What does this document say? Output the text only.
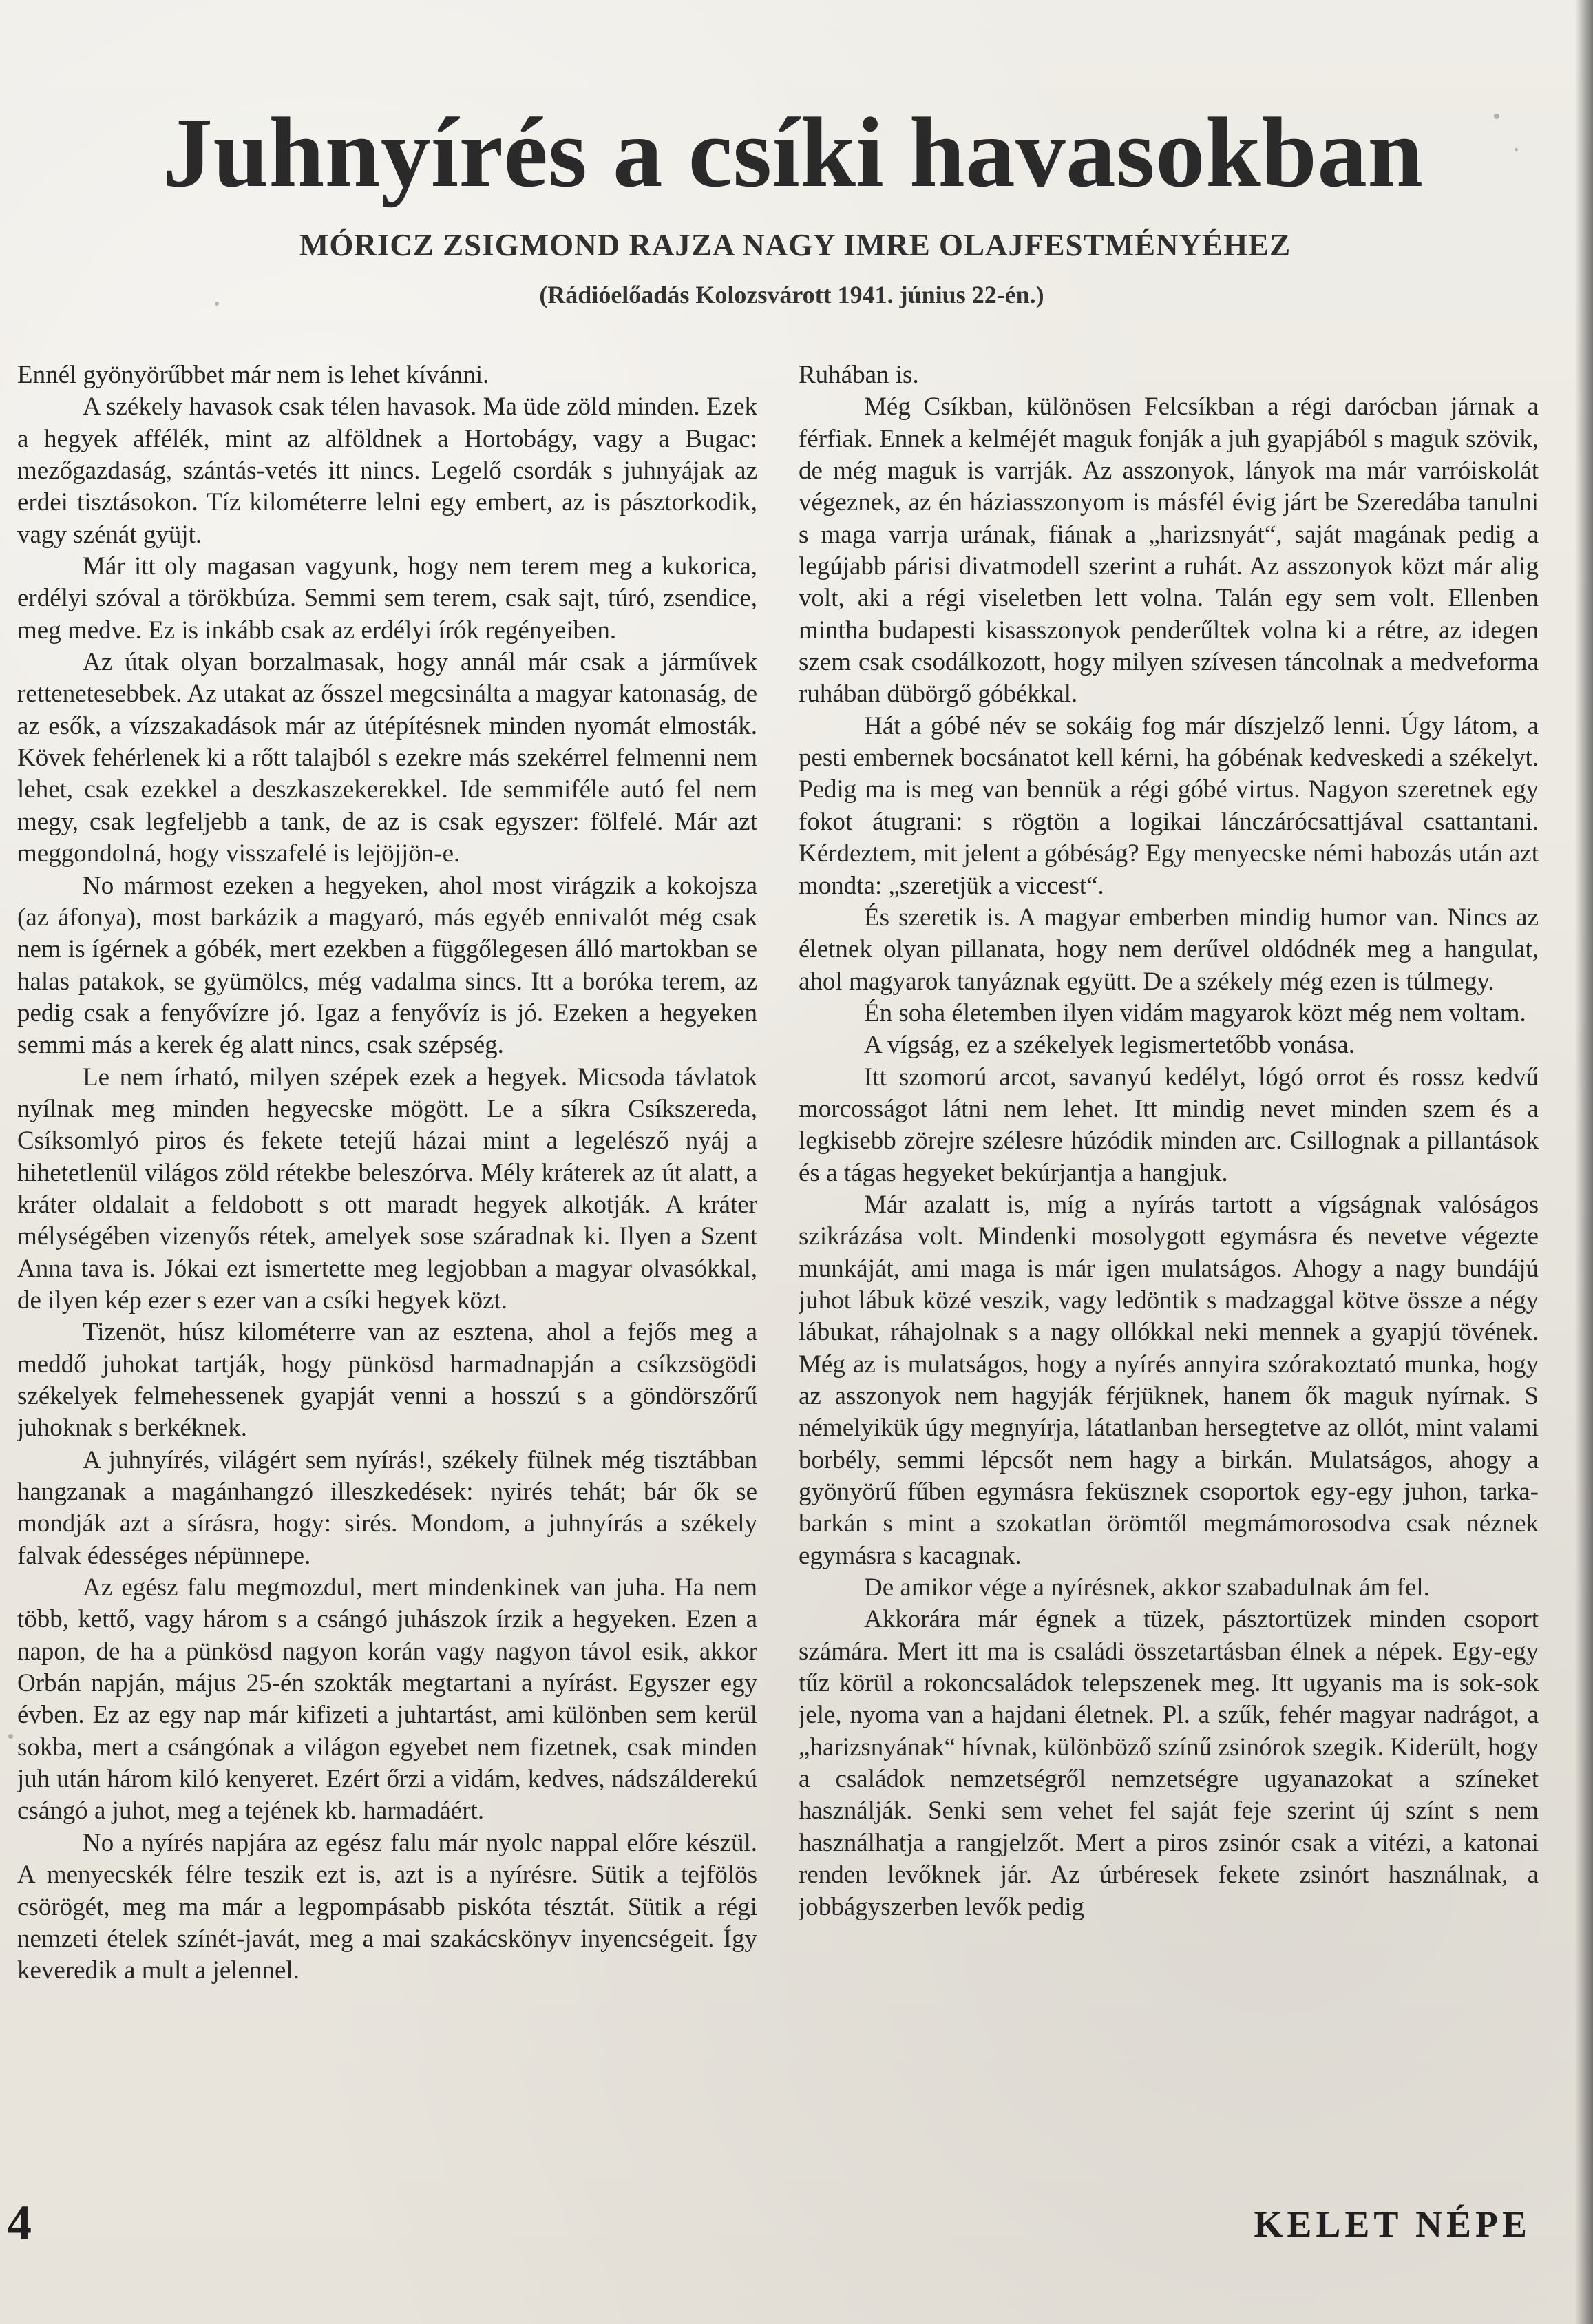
Juhnyírés a csíki havasokban
MÓRICZ ZSIGMOND RAJZA NAGY IMRE OLAJFESTMÉNYÉHEZ
(Rádióelőadás Kolozsvárott 1941. június 22-én.)

Ennél gyönyörűbbet már nem is lehet kívánni.

A székely havasok csak télen havasok. Ma üde zöld minden. Ezek a hegyek affélék, mint az alföldnek a Hortobágy, vagy a Bugac: mezőgazdaság, szántás-vetés itt nincs. Legelő csordák s juhnyájak az erdei tisztásokon. Tíz kilométerre lelni egy embert, az is pásztorkodik, vagy szénát gyüjt.

Már itt oly magasan vagyunk, hogy nem terem meg a kukorica, erdélyi szóval a törökbúza. Semmi sem terem, csak sajt, túró, zsendice, meg medve. Ez is inkább csak az erdélyi írók regényeiben.

Az útak olyan borzalmasak, hogy annál már csak a járművek rettenetesebbek. Az utakat az ősszel megcsinálta a magyar katonaság, de az esők, a vízszakadások már az útépítésnek minden nyomát elmosták. Kövek fehérlenek ki a rőtt talajból s ezekre más szekérrel felmenni nem lehet, csak ezekkel a deszkaszekerekkel. Ide semmiféle autó fel nem megy, csak legfeljebb a tank, de az is csak egyszer: fölfelé. Már azt meggondolná, hogy visszafelé is lejöjjön-e.

No mármost ezeken a hegyeken, ahol most virágzik a kokojsza (az áfonya), most barkázik a magyaró, más egyéb ennivalót még csak nem is ígérnek a góbék, mert ezekben a függőlegesen álló martokban se halas patakok, se gyümölcs, még vadalma sincs. Itt a boróka terem, az pedig csak a fenyővízre jó. Igaz a fenyővíz is jó. Ezeken a hegyeken semmi más a kerek ég alatt nincs, csak szépség.

Le nem írható, milyen szépek ezek a hegyek. Micsoda távlatok nyílnak meg minden hegyecske mögött. Le a síkra Csíkszereda, Csíksomlyó piros és fekete tetejű házai mint a legelésző nyáj a hihetetlenül világos zöld rétekbe beleszórva. Mély kráterek az út alatt, a kráter oldalait a feldobott s ott maradt hegyek alkotják. A kráter mélységében vizenyős rétek, amelyek sose száradnak ki. Ilyen a Szent Anna tava is. Jókai ezt ismertette meg legjobban a magyar olvasókkal, de ilyen kép ezer s ezer van a csíki hegyek közt.

Tizenöt, húsz kilométerre van az esztena, ahol a fejős meg a meddő juhokat tartják, hogy pünkösd harmadnapján a csíkzsögödi székelyek felmehessenek gyapját venni a hosszú s a göndörszőrű juhoknak s berkéknek.

A juhnyírés, világért sem nyírás!, székely fülnek még tisztábban hangzanak a magánhangzó illeszkedések: nyirés tehát; bár ők se mondják azt a sírásra, hogy: sirés. Mondom, a juhnyírás a székely falvak édességes népünnepe.

Az egész falu megmozdul, mert mindenkinek van juha. Ha nem több, kettő, vagy három s a csángó juhászok írzik a hegyeken. Ezen a napon, de ha a pünkösd nagyon korán vagy nagyon távol esik, akkor Orbán napján, május 25-én szokták megtartani a nyírást. Egyszer egy évben. Ez az egy nap már kifizeti a juhtartást, ami különben sem kerül sokba, mert a csángónak a világon egyebet nem fizetnek, csak minden juh után három kiló kenyeret. Ezért őrzi a vidám, kedves, nádszálderekú csángó a juhot, meg a tejének kb. harmadáért.

No a nyírés napjára az egész falu már nyolc nappal előre készül. A menyecskék félre teszik ezt is, azt is a nyírésre. Sütik a tejfölös csörögét, meg ma már a legpompásabb piskóta tésztát. Sütik a régi nemzeti ételek színét-javát, meg a mai szakácskönyv inyencségeit. Így keveredik a mult a jelennel.

Ruhában is.

Még Csíkban, különösen Felcsíkban a régi darócban járnak a férfiak. Ennek a kelméjét maguk fonják a juh gyapjából s maguk szövik, de még maguk is varrják. Az asszonyok, lányok ma már varróiskolát végeznek, az én háziasszonyom is másfél évig járt be Szeredába tanulni s maga varrja urának, fiának a „harizsnyát“, saját magának pedig a legújabb párisi divatmodell szerint a ruhát. Az asszonyok közt már alig volt, aki a régi viseletben lett volna. Talán egy sem volt. Ellenben mintha budapesti kisasszonyok penderűltek volna ki a rétre, az idegen szem csak csodálkozott, hogy milyen szívesen táncolnak a medveforma ruhában dübörgő góbékkal.

Hát a góbé név se sokáig fog már díszjelző lenni. Úgy látom, a pesti embernek bocsánatot kell kérni, ha góbénak kedveskedi a székelyt. Pedig ma is meg van bennük a régi góbé virtus. Nagyon szeretnek egy fokot átugrani: s rögtön a logikai lánczárócsattjával csattantani. Kérdeztem, mit jelent a góbéság? Egy menyecske némi habozás után azt mondta: „szeretjük a viccest“.

És szeretik is. A magyar emberben mindig humor van. Nincs az életnek olyan pillanata, hogy nem derűvel oldódnék meg a hangulat, ahol magyarok tanyáznak együtt. De a székely még ezen is túlmegy.

Én soha életemben ilyen vidám magyarok közt még nem voltam.

A vígság, ez a székelyek legismertetőbb vonása.

Itt szomorú arcot, savanyú kedélyt, lógó orrot és rossz kedvű morcosságot látni nem lehet. Itt mindig nevet minden szem és a legkisebb zörejre szélesre húzódik minden arc. Csillognak a pillantások és a tágas hegyeket bekúrjantja a hangjuk.

Már azalatt is, míg a nyírás tartott a vígságnak valóságos szikrázása volt. Mindenki mosolygott egymásra és nevetve végezte munkáját, ami maga is már igen mulatságos. Ahogy a nagy bundájú juhot lábuk közé veszik, vagy ledöntik s madzaggal kötve össze a négy lábukat, ráhajolnak s a nagy ollókkal neki mennek a gyapjú tövének. Még az is mulatságos, hogy a nyírés annyira szórakoztató munka, hogy az asszonyok nem hagyják férjüknek, hanem ők maguk nyírnak. S némelyikük úgy megnyírja, látatlanban hersegtetve az ollót, mint valami borbély, semmi lépcsőt nem hagy a birkán. Mulatságos, ahogy a gyönyörű fűben egymásra feküsznek csoportok egy-egy juhon, tarka-barkán s mint a szokatlan örömtől megmámorosodva csak néznek egymásra s kacagnak.

De amikor vége a nyírésnek, akkor szabadulnak ám fel.

Akkorára már égnek a tüzek, pásztortüzek minden csoport számára. Mert itt ma is családi összetartásban élnek a népek. Egy-egy tűz körül a rokoncsaládok telepszenek meg. Itt ugyanis ma is sok-sok jele, nyoma van a hajdani életnek. Pl. a szűk, fehér magyar nadrágot, a „harizsnyának“ hívnak, különböző színű zsinórok szegik. Kiderült, hogy a családok nemzetségről nemzetségre ugyanazokat a színeket használják. Senki sem vehet fel saját feje szerint új színt s nem használhatja a rangjelzőt. Mert a piros zsinór csak a vitézi, a katonai renden levőknek jár. Az úrbéresek fekete zsinórt használnak, a jobbágyszerben levők pedig

4	KELET NÉPE
